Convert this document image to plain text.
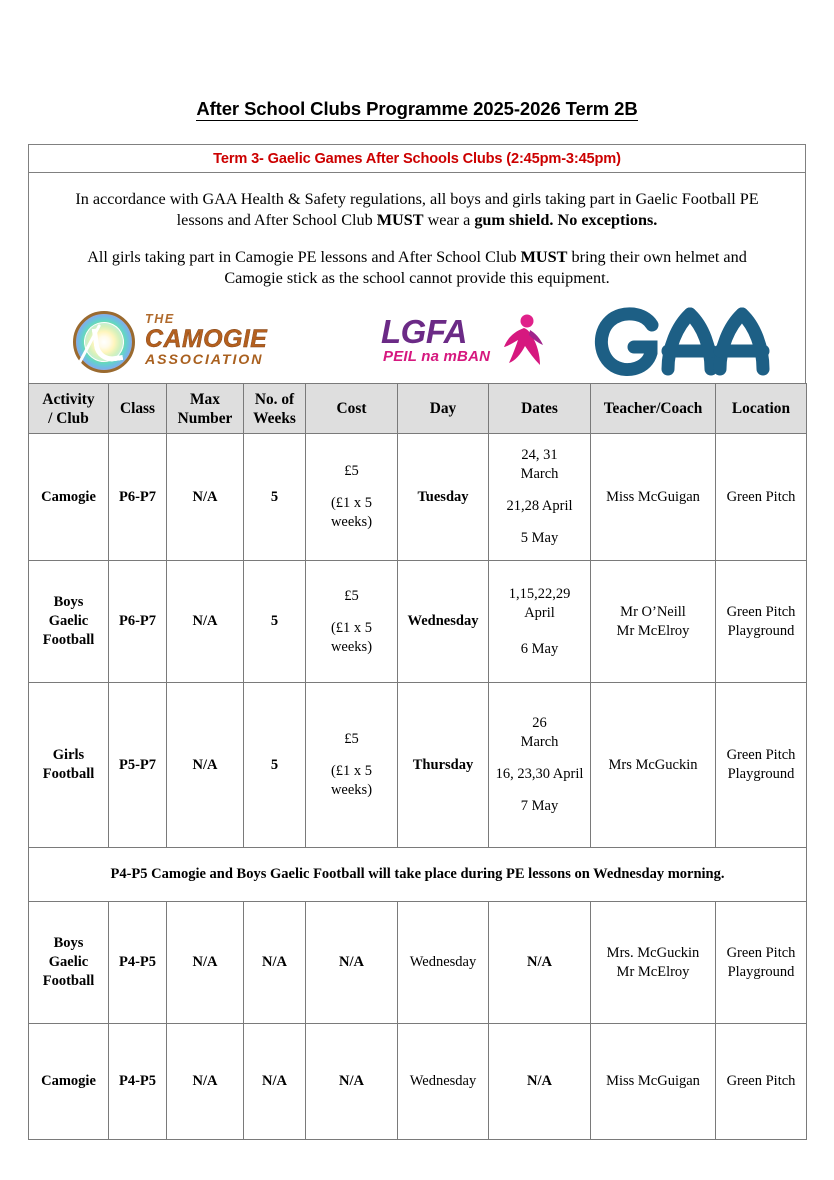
After School Clubs Programme 2025-2026 Term 2B
Term 3- Gaelic Games After Schools Clubs (2:45pm-3:45pm)

In accordance with GAA Health & Safety regulations, all boys and girls taking part in Gaelic Football PE lessons and After School Club MUST wear a gum shield. No exceptions.

All girls taking part in Camogie PE lessons and After School Club MUST bring their own helmet and Camogie stick as the school cannot provide this equipment.

THE
CAMOGIE
ASSOCIATION
LGFA
PEIL na mBAN
Activity
/ Club	Class	Max
Number	No. of
Weeks	Cost	Day	Dates	Teacher/Coach	Location

Camogie	P6-P7	N/A	5	£5
(£1 x 5
weeks)	Tuesday	24, 31
March
21,28 April
5 May	Miss McGuigan	Green Pitch

Boys
Gaelic
Football	P6-P7	N/A	5	£5
(£1 x 5
weeks)	Wednesday	1,15,22,29
April
6 May	Mr O’Neill
Mr McElroy	Green Pitch
Playground

Girls
Football	P5-P7	N/A	5	£5
(£1 x 5
weeks)	Thursday	26
March
16, 23,30 April
7 May	Mrs McGuckin	Green Pitch
Playground

P4-P5 Camogie and Boys Gaelic Football will take place during PE lessons on Wednesday morning.								

Boys
Gaelic
Football	P4-P5	N/A	N/A	N/A	Wednesday	N/A	Mrs. McGuckin
Mr McElroy	Green Pitch
Playground

Camogie	P4-P5	N/A	N/A	N/A	Wednesday	N/A	Miss McGuigan	Green Pitch
